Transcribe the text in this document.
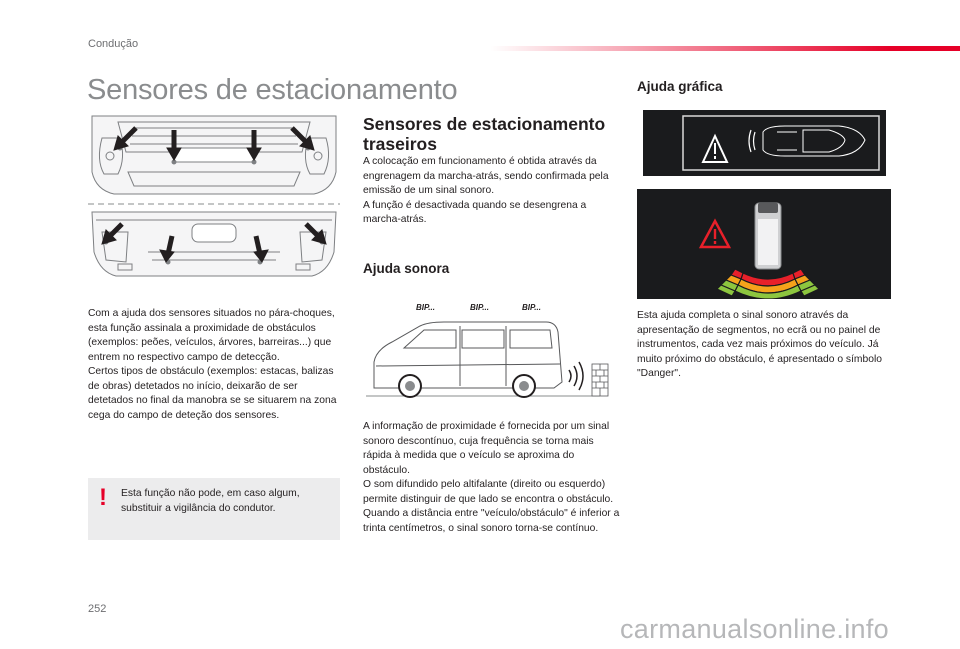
Condução
Sensores de estacionamento

Com a ajuda dos sensores situados no pára-choques, esta função assinala a proximidade de obstáculos (exemplos: peões, veículos, árvores, barreiras...) que entrem no respectivo campo de detecção.

Certos tipos de obstáculo (exemplos: estacas, balizas de obras) detetados no início, deixarão de ser detetados no final da manobra se se situarem na zona cega do campo de deteção dos sensores.

! Esta função não pode, em caso algum, substituir a vigilância do condutor.
Sensores de estacionamento traseiros

A colocação em funcionamento é obtida através da engrenagem da marcha-atrás, sendo confirmada pela emissão de um sinal sonoro.

A função é desactivada quando se desengrena a marcha-atrás.

Ajuda sonora
BIP...	BIP...	BIP...

A informação de proximidade é fornecida por um sinal sonoro descontínuo, cuja frequência se torna mais rápida à medida que o veículo se aproxima do obstáculo.

O som difundido pelo altifalante (direito ou esquerdo) permite distinguir de que lado se encontra o obstáculo.

Quando a distância entre "veículo/obstáculo" é inferior a trinta centímetros, o sinal sonoro torna-se contínuo.

Ajuda gráfica
Esta ajuda completa o sinal sonoro através da apresentação de segmentos, no ecrã ou no painel de instrumentos, cada vez mais próximos do veículo. Já muito próximo do obstáculo, é apresentado o símbolo "Danger".
252
carmanualsonline.info
